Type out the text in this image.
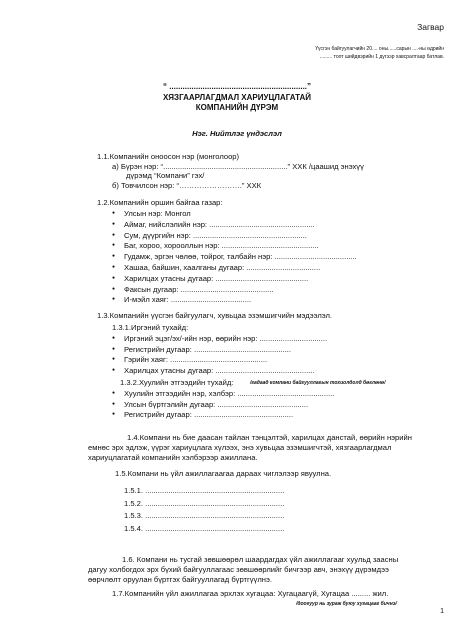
Загвар
Үүсгэн байгуулагчийн 20.... оны......сарын ....-ны өдрийн
......... тоот шийдвэрийн 1 дүгээр хавсралтаар батлав.
“ ..............................................................”
ХЯЗГААРЛАГДМАЛ ХАРИУЦЛАГАТАЙ
КОМПАНИЙН ДҮРЭМ
Нэг. Нийтлэг үндэслэл
1.1.Компанийн оноосон нэр (монголоор)
а) Бүрэн нэр: “...........................................................” ХХК /цаашид энэхүү
дүрэмд “Компани” гэх/
б) Товчилсон нэр: “…………………….” ХХК
1.2.Компанийн оршин байгаа газар:
● Улсын нэр: Монгол
● Аймаг, нийслэлийн нэр: ..................................................
● Сум, дүүргийн нэр: ......................................................
● Баг, хороо, хорооллын нэр: ..............................................
● Гудамж, эргэн чөлөө, тойрог, талбайн нэр: .......................................
● Хашаа, байшин, хаалганы дугаар: ...................................
● Харилцах утасны дугаар: ............................................
● Факсын дугаар: ............................................
● И-мэйл хаяг: ......................................
1.3.Компанийн үүсгэн байгуулагч, хувьцаа эзэмшигчийн мэдээлэл.
1.3.1.Иргэний тухайд:
● Иргэний эцэг/эх/-ийн нэр, өөрийн нэр: ................................
● Регистрийн дугаар: ..............................................
● Гэрийн хаяг: ..............................................
● Харилцах утасны дугаар: ...............................................
1.3.2.Хуулийн этгээдийн тухайд:	/гадаад компани байгууллагын тохиолдолд бөглөнө/
● Хуулийн этгээдийн нэр, хэлбэр: ..............................................
● Улсын бүртгэлийн дугаар: ...........................................
● Регистрийн дугаар: ...............................................
1.4.Компани нь бие даасан тайлан тэнцэлтэй, харилцах данстай, өөрийн нэрийн
емнөс эрх эдлэж, үүрэг хариуцлага хүлээх, энэ хувьцаа эзэмшигчтэй, хязгаарлагдмал
хариуцлагатай компанийн хэлбэрээр ажиллана.
1.5.Компани нь үйл ажиллагаагаа дараах чиглэлээр явуулна.
1.5.1. ..................................................................
1.5.2. ..................................................................
1.5.3. ..................................................................
1.5.4. ..................................................................
1.6. Компани нь тусгай зөвшөөрөл шаардагдах үйл ажиллагааг хуульд заасны
дагуу холбогдох эрх бүхий байгууллагаас зөвшөөрлийг бичгээр авч, энэхүү дүрэмдээ
өөрчлөлт оруулан бүртгэх байгууллагад бүртгүүлнэ.
1.7.Компанийн үйл ажиллагаа эрхлэх хугацаа: Хугацаагүй, Хугацаа ......... жил.
/доогуур нь зураж буюу хугацааг бичнэ/
1
